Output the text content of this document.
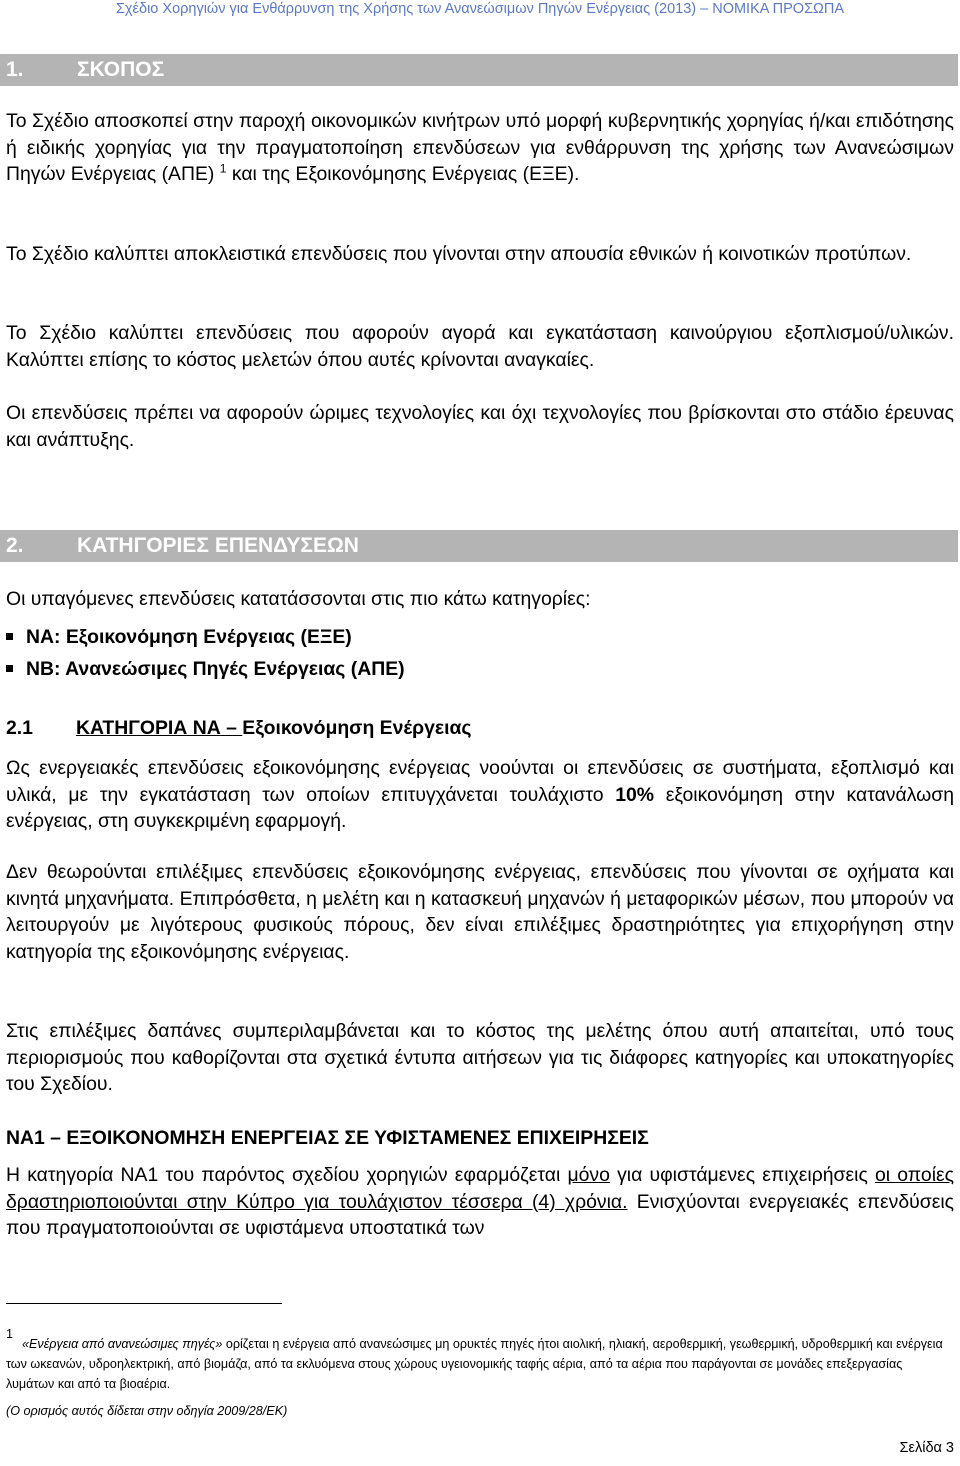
Σχέδιο Χορηγιών για Ενθάρρυνση της Χρήσης των Ανανεώσιμων Πηγών Ενέργειας (2013) – ΝΟΜΙΚΑ ΠΡΟΣΩΠΑ
1.	ΣΚΟΠΟΣ
Το Σχέδιο αποσκοπεί στην παροχή οικονομικών κινήτρων υπό μορφή κυβερνητικής χορηγίας ή/και επιδότησης ή ειδικής χορηγίας για την πραγματοποίηση επενδύσεων για ενθάρρυνση της χρήσης των Ανανεώσιμων Πηγών Ενέργειας (ΑΠΕ) $^1$ και της Εξοικονόμησης Ενέργειας (ΕΞΕ).
Το Σχέδιο καλύπτει αποκλειστικά επενδύσεις που γίνονται στην απουσία εθνικών ή κοινοτικών προτύπων.
Το Σχέδιο καλύπτει επενδύσεις που αφορούν αγορά και εγκατάσταση καινούργιου εξοπλισμού/υλικών. Καλύπτει επίσης το κόστος μελετών όπου αυτές κρίνονται αναγκαίες.
Οι επενδύσεις πρέπει να αφορούν ώριμες τεχνολογίες και όχι τεχνολογίες που βρίσκονται στο στάδιο έρευνας και ανάπτυξης.
2.	ΚΑΤΗΓΟΡΙΕΣ ΕΠΕΝΔΥΣΕΩΝ
Οι υπαγόμενες επενδύσεις κατατάσσονται στις πιο κάτω κατηγορίες:
ΝΑ: Εξοικονόμηση Ενέργειας (ΕΞΕ)
ΝΒ: Ανανεώσιμες Πηγές Ενέργειας (ΑΠΕ)
2.1 ΚΑΤΗΓΟΡΙΑ ΝΑ – Εξοικονόμηση Ενέργειας
Ως ενεργειακές επενδύσεις εξοικονόμησης ενέργειας νοούνται οι επενδύσεις σε συστήματα, εξοπλισμό και υλικά, με την εγκατάσταση των οποίων επιτυγχάνεται τουλάχιστο 10% εξοικονόμηση στην κατανάλωση ενέργειας, στη συγκεκριμένη εφαρμογή.
Δεν θεωρούνται επιλέξιμες επενδύσεις εξοικονόμησης ενέργειας, επενδύσεις που γίνονται σε οχήματα και κινητά μηχανήματα. Επιπρόσθετα, η μελέτη και η κατασκευή μηχανών ή μεταφορικών μέσων, που μπορούν να λειτουργούν με λιγότερους φυσικούς πόρους, δεν είναι επιλέξιμες δραστηριότητες για επιχορήγηση στην κατηγορία της εξοικονόμησης ενέργειας.
Στις επιλέξιμες δαπάνες συμπεριλαμβάνεται και το κόστος της μελέτης όπου αυτή απαιτείται, υπό τους περιορισμούς που καθορίζονται στα σχετικά έντυπα αιτήσεων για τις διάφορες κατηγορίες και υποκατηγορίες του Σχεδίου.
ΝΑ1 – ΕΞΟΙΚΟΝΟΜΗΣΗ ΕΝΕΡΓΕΙΑΣ ΣΕ ΥΦΙΣΤΑΜΕΝΕΣ ΕΠΙΧΕΙΡΗΣΕΙΣ
Η κατηγορία ΝΑ1 του παρόντος σχεδίου χορηγιών εφαρμόζεται μόνο για υφιστάμενες επιχειρήσεις οι οποίες δραστηριοποιούνται στην Κύπρο για τουλάχιστον τέσσερα (4) χρόνια. Ενισχύονται ενεργειακές επενδύσεις που πραγματοποιούνται σε υφιστάμενα υποστατικά των
1
«Ενέργεια από ανανεώσιμες πηγές» ορίζεται η ενέργεια από ανανεώσιμες μη ορυκτές πηγές ήτοι αιολική, ηλιακή, αεροθερμική, γεωθερμική, υδροθερμική και ενέργεια των ωκεανών, υδροηλεκτρική, από βιομάζα, από τα εκλυόμενα στους χώρους υγειονομικής ταφής αέρια, από τα αέρια που παράγονται σε μονάδες επεξεργασίας λυμάτων και από τα βιοαέρια.
(Ο ορισμός αυτός δίδεται στην οδηγία 2009/28/ΕΚ)
Σελίδα 3
